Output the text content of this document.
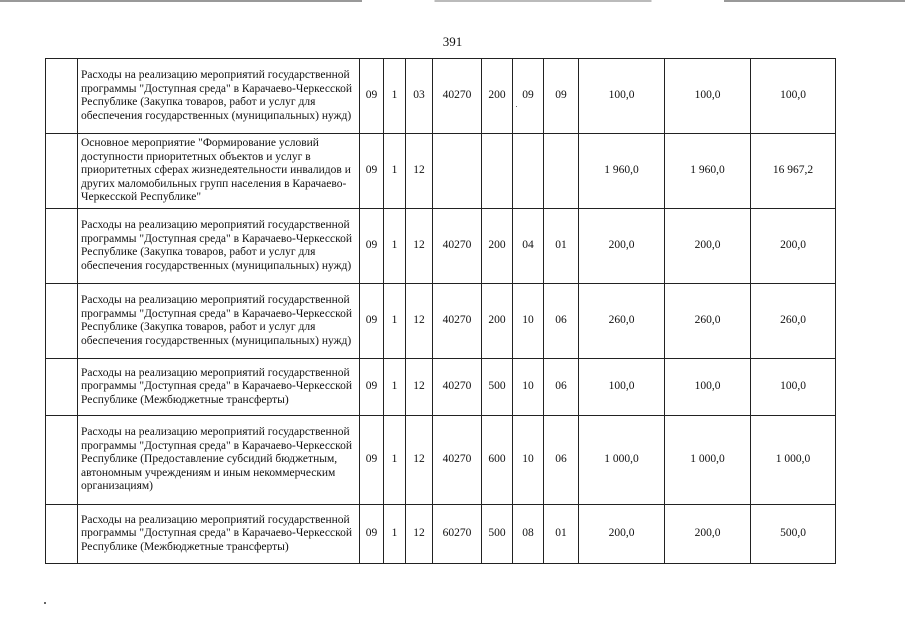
391
	Расходы на реализацию мероприятий государственной программы "Доступная среда" в Карачаево-Черкесской Республике (Закупка товаров, работ и услуг для обеспечения государственных (муниципальных) нужд)	09	1	03	40270	200	09	09	100,0	100,0	100,0
	Основное мероприятие "Формирование условий доступности приоритетных объектов и услуг в приоритетных сферах жизнедеятельности инвалидов и других маломобильных групп населения в Карачаево-Черкесской Республике"	09	1	12					1 960,0	1 960,0	16 967,2
	Расходы на реализацию мероприятий государственной программы "Доступная среда" в Карачаево-Черкесской Республике (Закупка товаров, работ и услуг для обеспечения государственных (муниципальных) нужд)	09	1	12	40270	200	04	01	200,0	200,0	200,0
	Расходы на реализацию мероприятий государственной программы "Доступная среда" в Карачаево-Черкесской Республике (Закупка товаров, работ и услуг для обеспечения государственных (муниципальных) нужд)	09	1	12	40270	200	10	06	260,0	260,0	260,0
	Расходы на реализацию мероприятий государственной программы "Доступная среда" в Карачаево-Черкесской Республике (Межбюджетные трансферты)	09	1	12	40270	500	10	06	100,0	100,0	100,0
	Расходы на реализацию мероприятий государственной программы "Доступная среда" в Карачаево-Черкесской Республике (Предоставление субсидий бюджетным, автономным учреждениям и иным некоммерческим организациям)	09	1	12	40270	600	10	06	1 000,0	1 000,0	1 000,0
	Расходы на реализацию мероприятий государственной программы "Доступная среда" в Карачаево-Черкесской Республике (Межбюджетные трансферты)	09	1	12	60270	500	08	01	200,0	200,0	500,0
